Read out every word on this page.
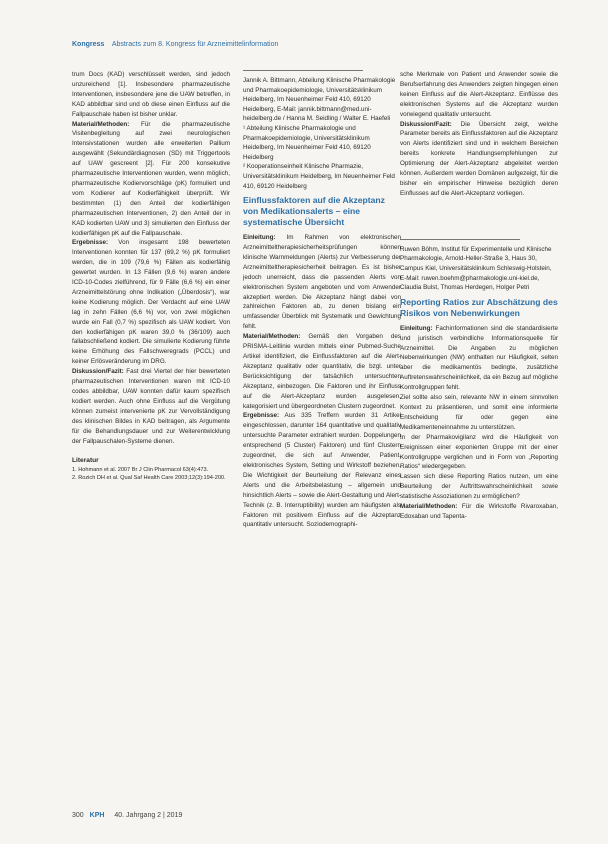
Kongress Abstracts zum 8. Kongress für Arzneimittelinformation

trum Docs (KAD) verschlüsselt werden, sind jedoch unzureichend [1]. Insbesondere pharmazeutische Interventionen, insbesondere jene die UAW betreffen, in KAD abbildbar sind und ob diese einen Einfluss auf die Fallpauschale haben ist bisher unklar.

Material/Methoden: Für die pharmazeutische Visitenbegleitung auf zwei neurologischen Intensivstationen wurden alle erweiterten Pallium ausgewählt (Sekundärdiagnosen (SD) mit Triggertools auf UAW gescreent [2]. Für 200 konsekutive pharmazeutische Interventionen wurden, wenn möglich, pharmazeutische Kodiervorschläge (pK) formuliert und vom Kodierer auf Kodierfähigkeit überprüft. Wir bestimmten (1) den Anteil der kodierfähigen pharmazeutischen Interventionen, 2) den Anteil der in KAD kodierten UAW und 3) simulierten den Einfluss der kodierfähigen pK auf die Fallpauschale.

Ergebnisse: Von insgesamt 198 bewerteten Interventionen konnten für 137 (69,2 %) pK formuliert werden, die in 109 (79,6 %) Fällen als kodierfähig gewertet wurden. In 13 Fällen (9,6 %) waren andere ICD-10-Codes zielführend, für 9 Fälle (6,6 %) ein einer Arzneimittelstörung ohne Indikation („Überdosis“), war keine Kodierung möglich. Der Verdacht auf eine UAW lag in zehn Fällen (6,6 %) vor, von zwei möglichen wurde ein Fall (0,7 %) spezifisch als UAW kodiert. Von den kodierfähigen pK waren 39,0 % (36/109) auch fallabschließend kodiert. Die simulierte Kodierung führte keine Erhöhung des Fallschweregrads (PCCL) und keiner Erlösveränderung im DRG.

Diskussion/Fazit: Fast drei Viertel der hier bewerteten pharmazeutischen Interventionen waren mit ICD-10 codes abbildbar, UAW konnten dafür kaum spezifisch kodiert werden. Auch ohne Einfluss auf die Vergütung können zumeist intervenierte pK zur Vervollständigung des klinischen Bildes in KAD beitragen, als Argumente für die Behandlungsdauer und zur Weiterentwicklung der Fallpauschalen-Systeme dienen.

Literatur
1. Hohmann et al. 2007 Br J Clin Pharmacol 63(4):473.
2. Rozich DH et al. Qual Saf Health Care 2003;12(3):194-200.

Jannik A. Bittmann, Abteilung Klinische Pharmakologie und Pharmakoepidemiologie, Universitätsklinikum Heidelberg, Im Neuenheimer Feld 410, 69120 Heidelberg, E-Mail: jannik.bittmann@med.uni-heidelberg.de / Hanna M. Seidling / Walter E. Haefeli

¹ Abteilung Klinische Pharmakologie und Pharmakoepidemiologie, Universitätsklinikum Heidelberg, Im Neuenheimer Feld 410, 69120 Heidelberg

² Kooperationseinheit Klinische Pharmazie, Universitätsklinikum Heidelberg, Im Neuenheimer Feld 410, 69120 Heidelberg

Einflussfaktoren auf die Akzeptanz von Medikationsalerts – eine systematische Übersicht

Einleitung: Im Rahmen von elektronischen Arzneimitteltherapiesicherheitsprüfungen können klinische Warnmeldungen (Alerts) zur Verbesserung der Arzneimitteltherapiesicherheit beitragen. Es ist bisher jedoch unerreicht, dass die passenden Alerts von elektronischen System angeboten und vom Anwender akzeptiert werden. Die Akzeptanz hängt dabei von zahlreichen Faktoren ab, zu denen bislang ein umfassender Überblick mit Systematik und Gewichtung fehlt.

Material/Methoden: Gemäß den Vorgaben des PRISMA-Leitlinie wurden mittels einer Pubmed-Suche Artikel identifiziert, die Einflussfaktoren auf die Alert-Akzeptanz qualitativ oder quantitativ, die bzgl. unter Berücksichtigung der tatsächlich untersuchten Akzeptanz, einbezogen. Die Faktoren und ihr Einfluss auf die Alert-Akzeptanz wurden ausgelesen, kategorisiert und übergeordneten Clustern zugeordnet.

Ergebnisse: Aus 335 Treffern wurden 31 Artikel eingeschlossen, darunter 164 quantitative und qualitativ untersuchte Parameter extrahiert wurden. Doppelungen entsprechend (5 Cluster) Faktoren) und fünf Clustern zugeordnet, die sich auf Anwender, Patient, elektronisches System, Setting und Wirkstoff beziehen. Die Wichtigkeit der Beurteilung der Relevanz eines Alerts und die Arbeitsbelastung – allgemein und hinsichtlich Alerts – sowie die Alert-Gestaltung und Alert-Technik (z. B. Interruptibility) wurden am häufigsten als Faktoren mit positivem Einfluss auf die Akzeptanz quantitativ untersucht. Soziodemographi-

sche Merkmale von Patient und Anwender sowie die Berufserfahrung des Anwenders zeigten hingegen einen keinen Einfluss auf die Alert-Akzeptanz. Einflüsse des elektronischen Systems auf die Akzeptanz wurden vorwiegend qualitativ untersucht.

Diskussion/Fazit: Die Übersicht zeigt, welche Parameter bereits als Einflussfaktoren auf die Akzeptanz von Alerts identifiziert sind und in welchem Bereichen bereits konkrete Handlungsempfehlungen zur Optimierung der Alert-Akzeptanz abgeleitet werden können. Außerdem werden Domänen aufgezeigt, für die bisher ein empirischer Hinweise bezüglich deren Einflusses auf die Alert-Akzeptanz vorliegen.

Ruwen Böhm, Institut für Experimentelle und Klinische Pharmakologie, Arnold-Heller-Straße 3, Haus 30, Campus Kiel, Universitätsklinikum Schleswig-Holstein, E-Mail: ruwen.boehm@pharmakologie.uni-kiel.de, Claudia Bulst, Thomas Herdegen, Holger Petri

Reporting Ratios zur Abschätzung des Risikos von Nebenwirkungen

Einleitung: Fachinformationen sind die standardisierte und juristisch verbindliche Informationsquelle für Arzneimittel. Die Angaben zu möglichen Nebenwirkungen (NW) enthalten nur Häufigkeit, selten aber die medikamentös bedingte, zusätzliche Auftretenswahrscheinlichkeit, da ein Bezug auf mögliche Kontrollgruppen fehlt.

Ziel sollte also sein, relevante NW in einem sinnvollen Kontext zu präsentieren, und somit eine informierte Entscheidung für oder gegen eine Medikamenteneinnahme zu unterstützen.

In der Pharmakovigilanz wird die Häufigkeit von Ereignissen einer exponierten Gruppe mit der einer Kontrollgruppe verglichen und in Form von „Reporting Ratios“ wiedergegeben.

Lassen sich diese Reporting Ratios nutzen, um eine Beurteilung der Auftrittswahrscheinlichkeit sowie statistische Assoziationen zu ermöglichen?

Material/Methoden: Für die Wirkstoffe Rivaroxaban, Edoxaban und Tapenta-

300 KPH 40. Jahrgang 2 | 2019
